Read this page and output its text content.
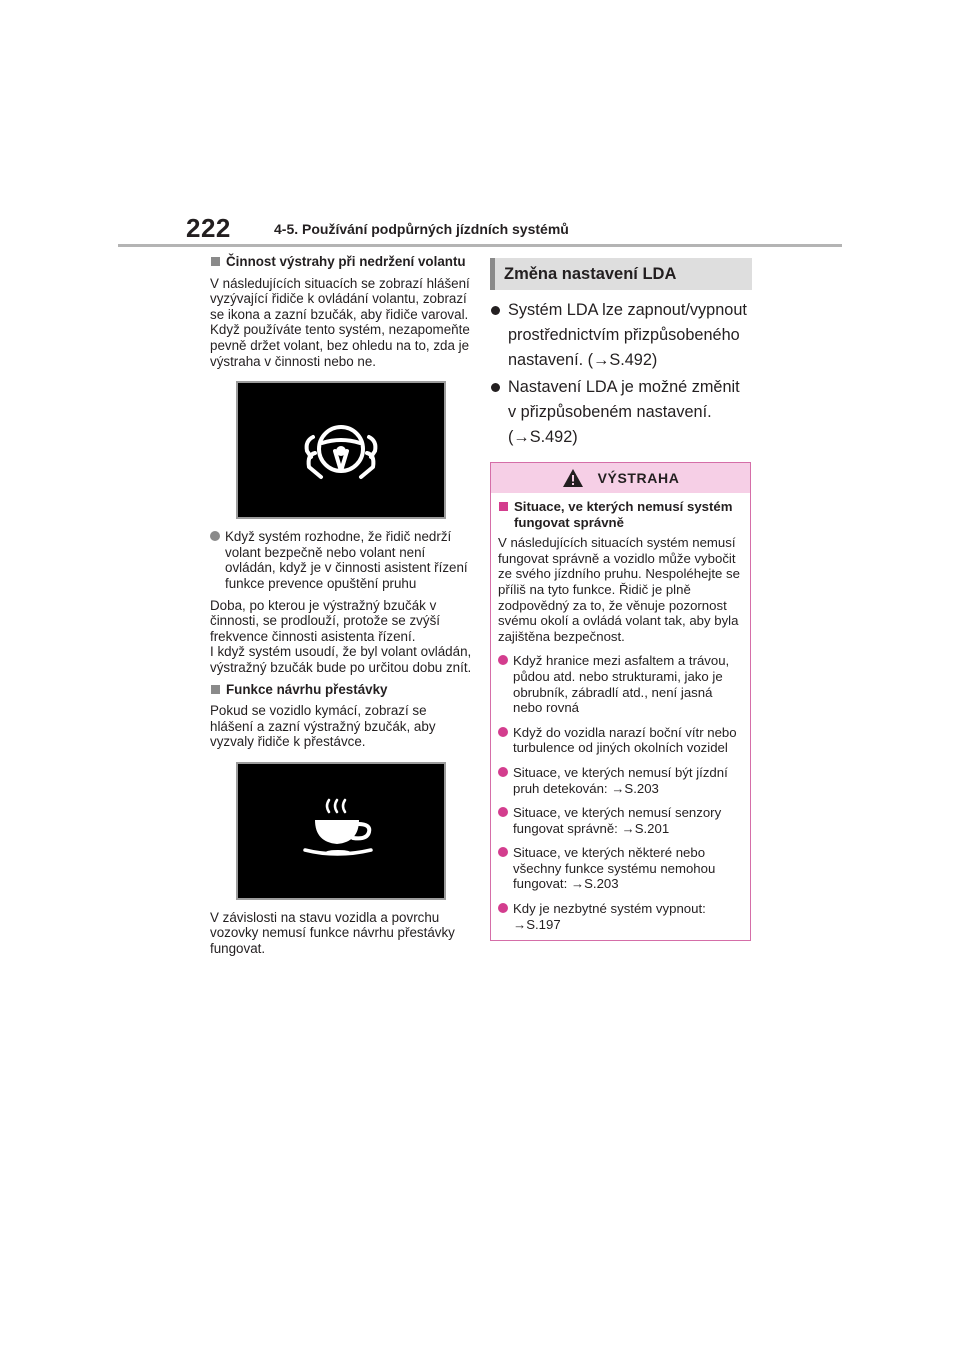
222	4-5. Používání podpůrných jízdních systémů
Činnost výstrahy při nedržení volantu

V následujících situacích se zobrazí hlášení vyzývající řidiče k ovládání volantu, zobrazí se ikona a zazní bzučák, aby řidiče varoval. Když používáte tento systém, nezapomeňte pevně držet volant, bez ohledu na to, zda je výstraha v činnosti nebo ne.

Když systém rozhodne, že řidič nedrží volant bezpečně nebo volant není ovládán, když je v činnosti asistent řízení funkce prevence opuštění pruhu

Doba, po kterou je výstražný bzučák v činnosti, se prodlouží, protože se zvýší frekvence činnosti asistenta řízení.

I když systém usoudí, že byl volant ovládán, výstražný bzučák bude po určitou dobu znít.

Funkce návrhu přestávky

Pokud se vozidlo kymácí, zobrazí se hlášení a zazní výstražný bzučák, aby vyzvaly řidiče k přestávce.

V závislosti na stavu vozidla a povrchu vozovky nemusí funkce návrhu přestávky fungovat.

Změna nastavení LDA
Systém LDA lze zapnout/vypnout prostřednictvím přizpůsobeného nastavení. (→S.492)
Nastavení LDA je možné změnit v přizpůsobeném nastavení. (→S.492)
VÝSTRAHA
Situace, ve kterých nemusí systém fungovat správně

V následujících situacích systém nemusí fungovat správně a vozidlo může vybočit ze svého jízdního pruhu. Nespoléhejte se příliš na tyto funkce. Řidič je plně zodpovědný za to, že věnuje pozornost svému okolí a ovládá volant tak, aby byla zajištěna bezpečnost.

Když hranice mezi asfaltem a trávou, půdou atd. nebo strukturami, jako je obrubník, zábradlí atd., není jasná nebo rovná
Když do vozidla narazí boční vítr nebo turbulence od jiných okolních vozidel
Situace, ve kterých nemusí být jízdní pruh detekován: →S.203
Situace, ve kterých nemusí senzory fungovat správně: →S.201
Situace, ve kterých některé nebo všechny funkce systému nemohou fungovat: →S.203
Kdy je nezbytné systém vypnout: →S.197
